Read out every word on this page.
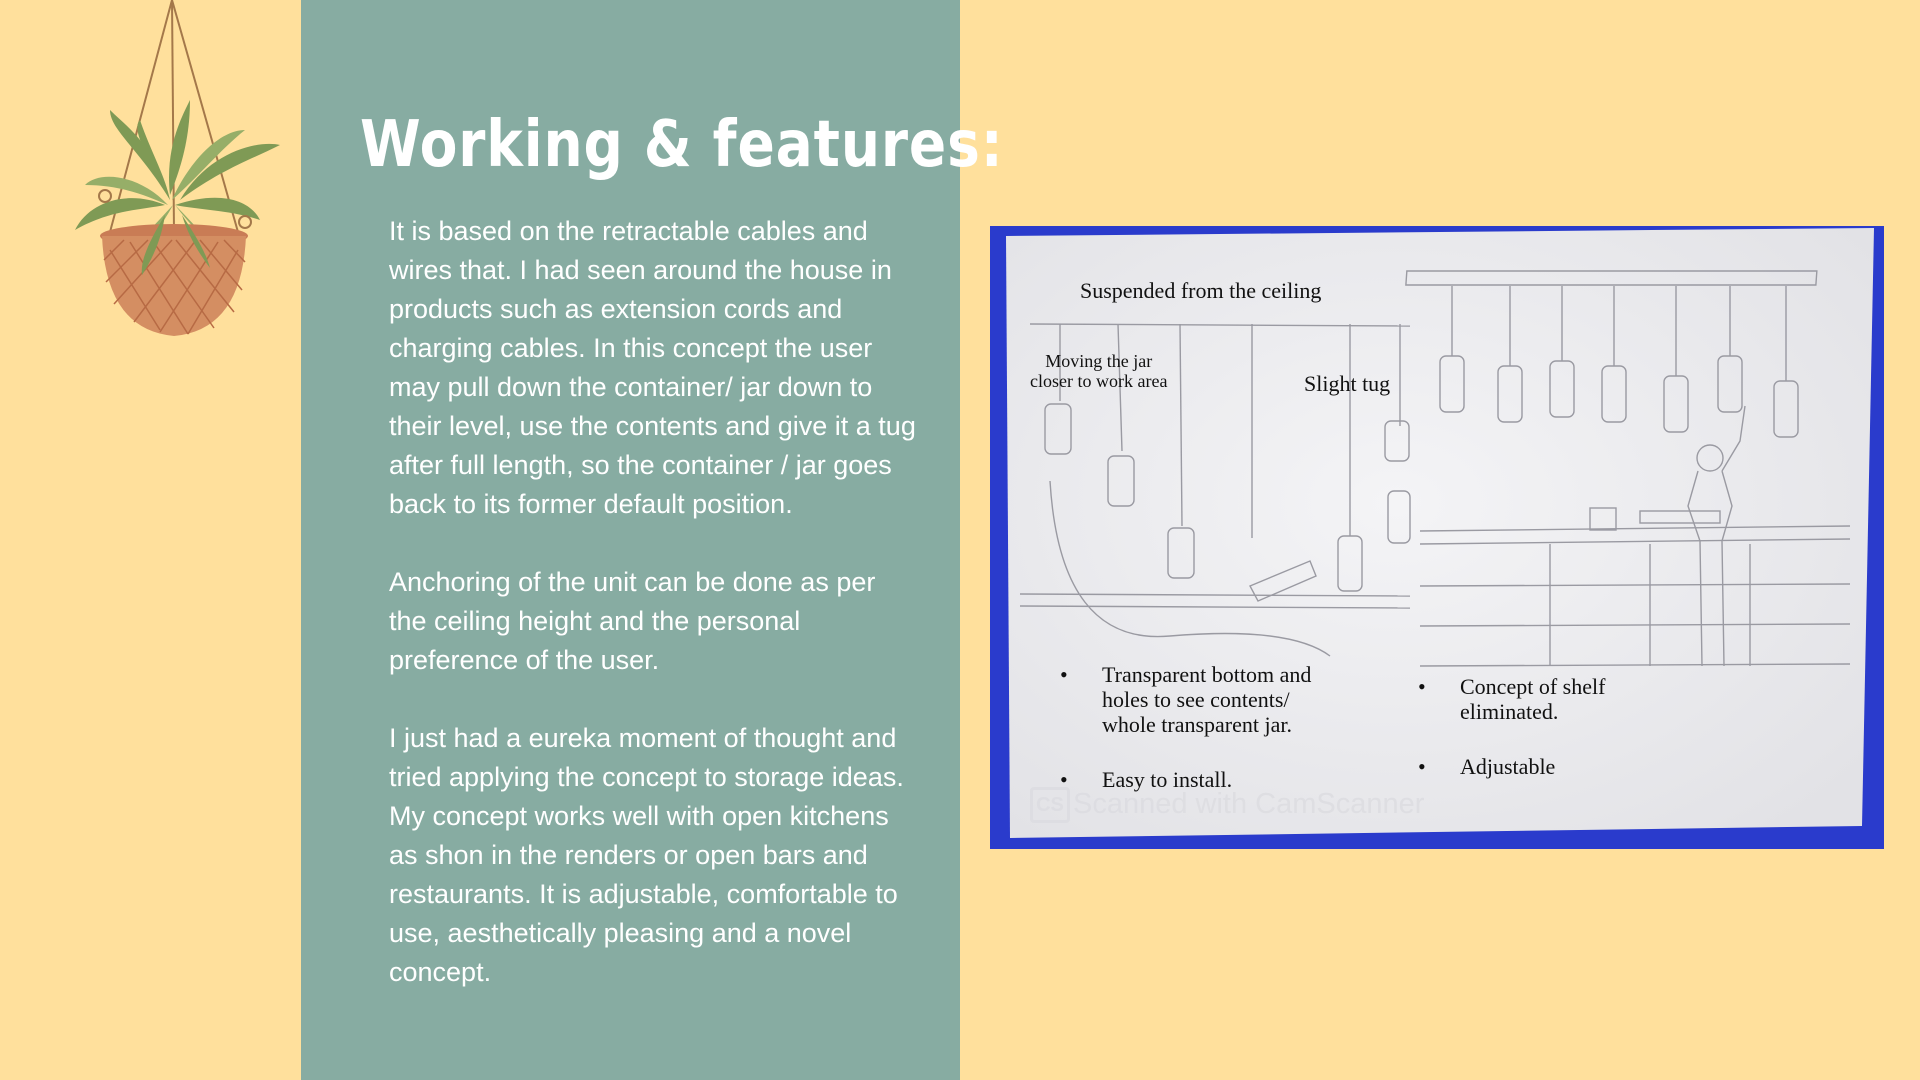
Working & features:

It is based on the retractable cables and wires that. I had seen around the house in products such as extension cords and charging cables. In this concept the user may pull down the container/ jar down to their level, use the contents and give it a tug after full length, so the container / jar goes back to its former default position.

Anchoring of the unit can be done as per the ceiling height and the personal preference of the user.

I just had a eureka moment of thought and tried applying the concept to storage ideas. My concept works well with open kitchens as shon in the renders or open bars and restaurants. It is adjustable, comfortable to use, aesthetically pleasing and a novel concept.

Suspended from the ceiling
Moving the jar
closer to work area	Slight tug
• Transparent bottom and holes to see contents/ whole transparent jar.
• Easy to install.
• Concept of shelf eliminated.
• Adjustable
CS Scanned with CamScanner
